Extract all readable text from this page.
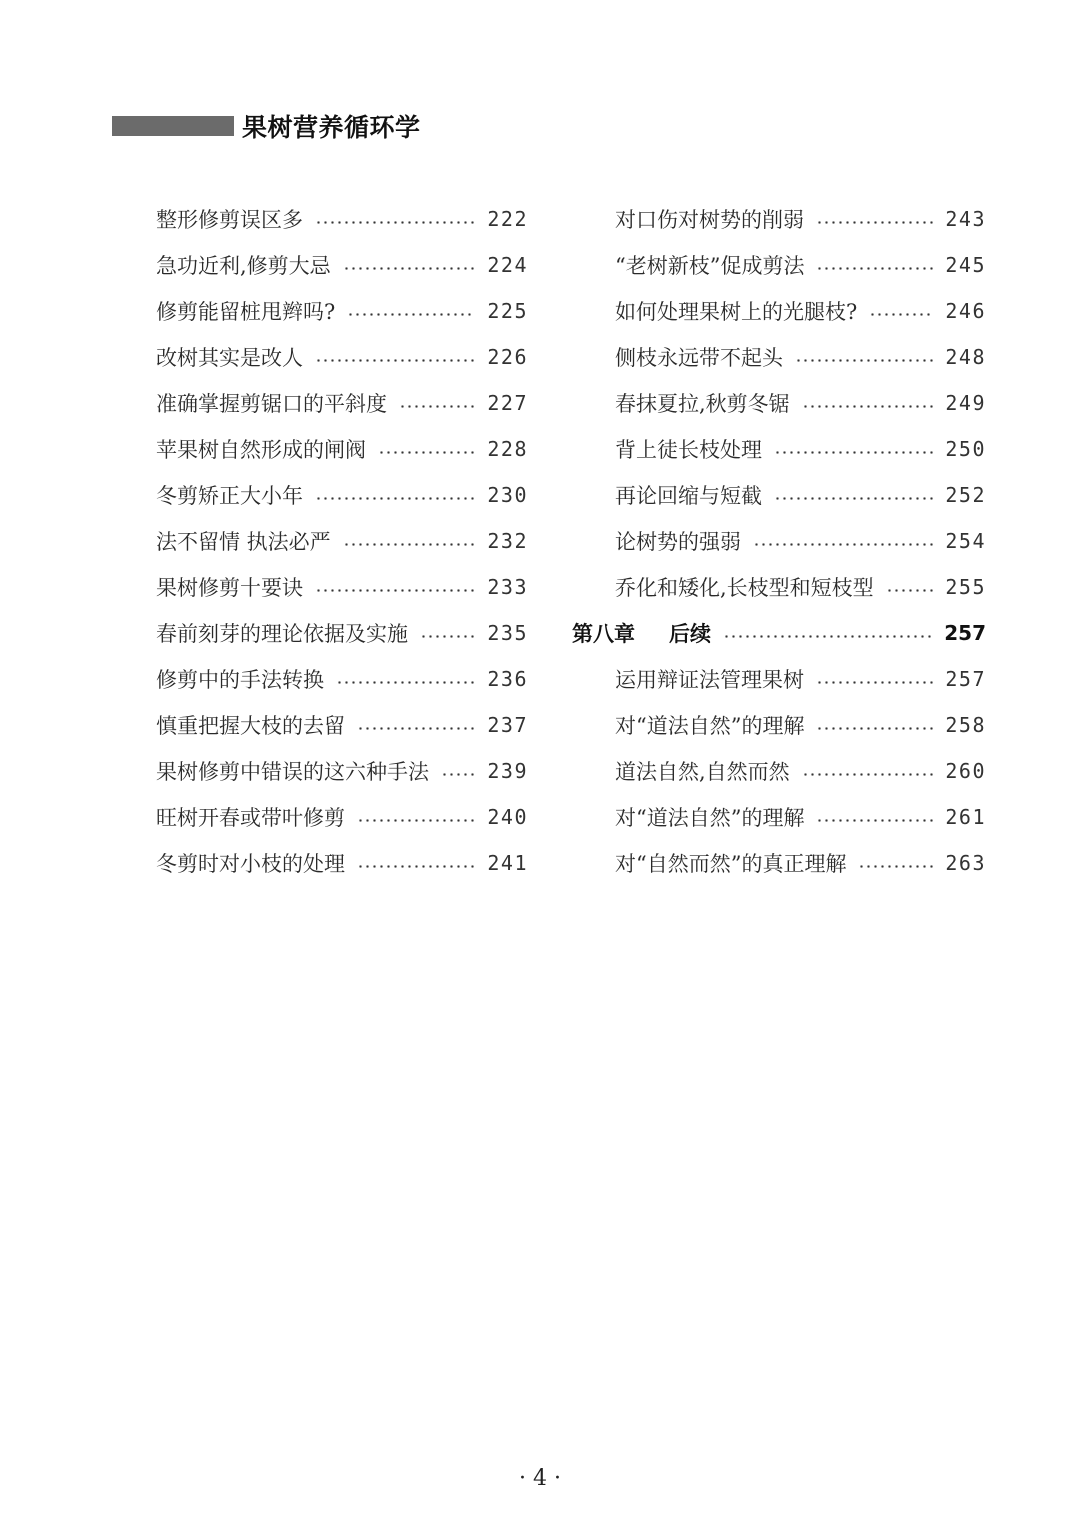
果树营养循环学
整形修剪误区多	222
急功近利,修剪大忌	224
修剪能留桩甩辫吗?	225
改树其实是改人	226
准确掌握剪锯口的平斜度	227
苹果树自然形成的闸阀	228
冬剪矫正大小年	230
法不留情 执法必严	232
果树修剪十要诀	233
春前刻芽的理论依据及实施	235
修剪中的手法转换	236
慎重把握大枝的去留	237
果树修剪中错误的这六种手法	239
旺树开春或带叶修剪	240
冬剪时对小枝的处理	241
对口伤对树势的削弱	243
“老树新枝”促成剪法	245
如何处理果树上的光腿枝?	246
侧枝永远带不起头	248
春抹夏拉,秋剪冬锯	249
背上徒长枝处理	250
再论回缩与短截	252
论树势的强弱	254
乔化和矮化,长枝型和短枝型	255
第八章 后续	257
运用辩证法管理果树	257
对“道法自然”的理解	258
道法自然,自然而然	260
对“道法自然”的理解	261
对“自然而然”的真正理解	263
· 4 ·
